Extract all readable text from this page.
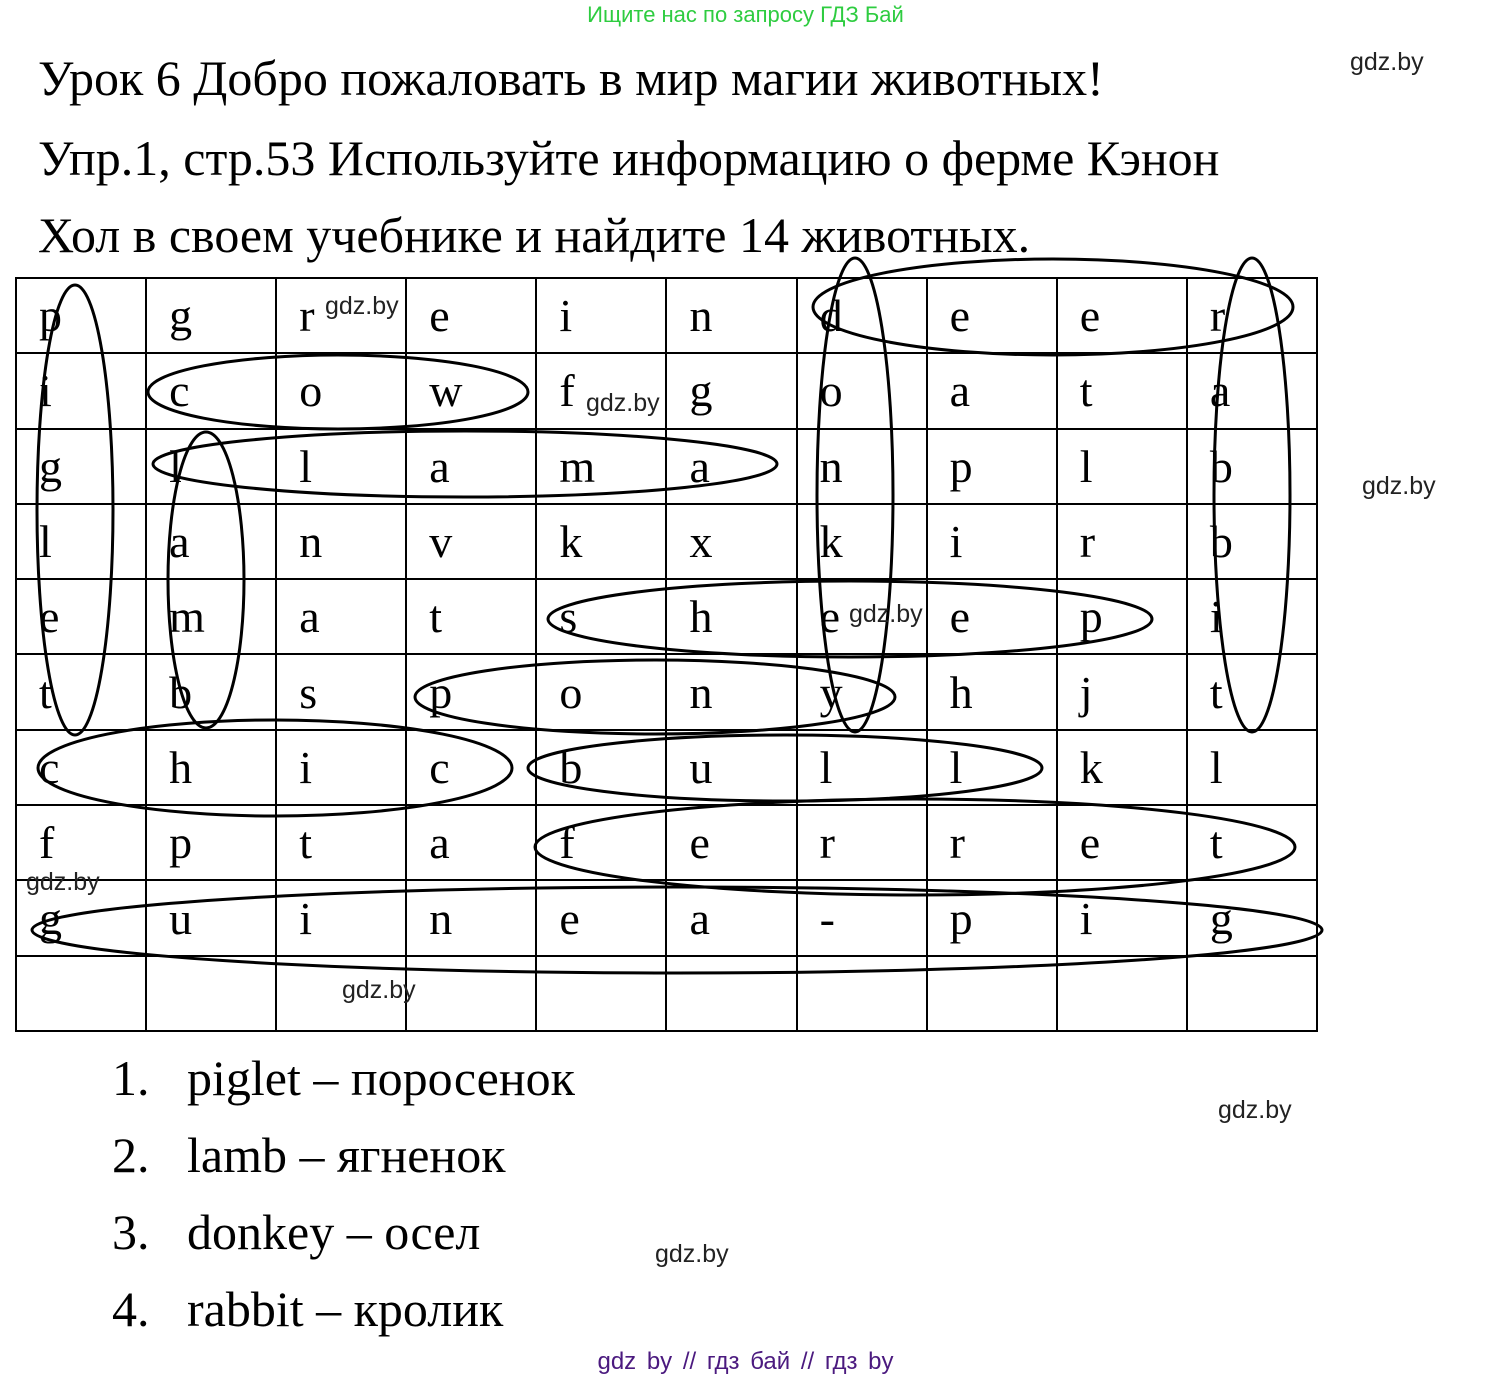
Ищите нас по запросу ГДЗ Бай
Урок 6 Добро пожаловать в мир магии животных!
Упр.1, стр.53 Используйте информацию о ферме Кэнон
Хол в своем учебнике и найдите 14 животных.
p	g	r	e	i	n	d	e	e	r
i	c	o	w	f	g	o	a	t	a
g	l	l	a	m	a	n	p	l	b
l	a	n	v	k	x	k	i	r	b
e	m	a	t	s	h	e	e	p	i
t	b	s	p	o	n	y	h	j	t
c	h	i	c	b	u	l	l	k	l
f	p	t	a	f	e	r	r	e	t
g	u	i	n	e	a	-	p	i	g

gdz.by
gdz.by
gdz.by
gdz.by
gdz.by
gdz.by
gdz.by
gdz.by
gdz.by
1. piglet – поросенок
2. lamb – ягненок
3. donkey – осел
4. rabbit – кролик
gdz by // гдз бай // гдз by
